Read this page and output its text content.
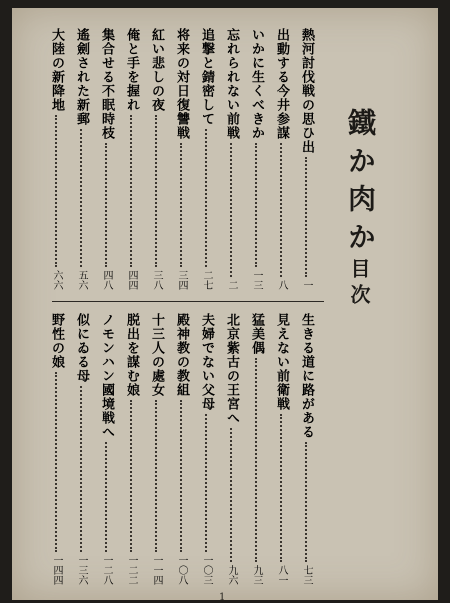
鐵か肉か
目次
熱河討伐戦の思ひ出
一
出動する今井参謀
八
いかに生くべきか
一三
忘れられない前戦
二
追撃と錆密して
二七
将来の対日復讐戦
三四
紅い悲しの夜
三八
俺と手を握れ
四四
集合せる不眠時枝
四八
遙劍された新郵
五六
大陸の新降地
六六
生きる道に路がある
七三
見えない前衛戦
八一
猛美偶
九三
北京紫古の王宮へ
九六
夫婦でない父母
一〇三
殿神教の教組
一〇八
十三人の處女
一一四
脱出を謀む娘
一二二
ノモンハン國境戦へ
一二八
似にゐる母
一三六
野性の娘
一四四
1
